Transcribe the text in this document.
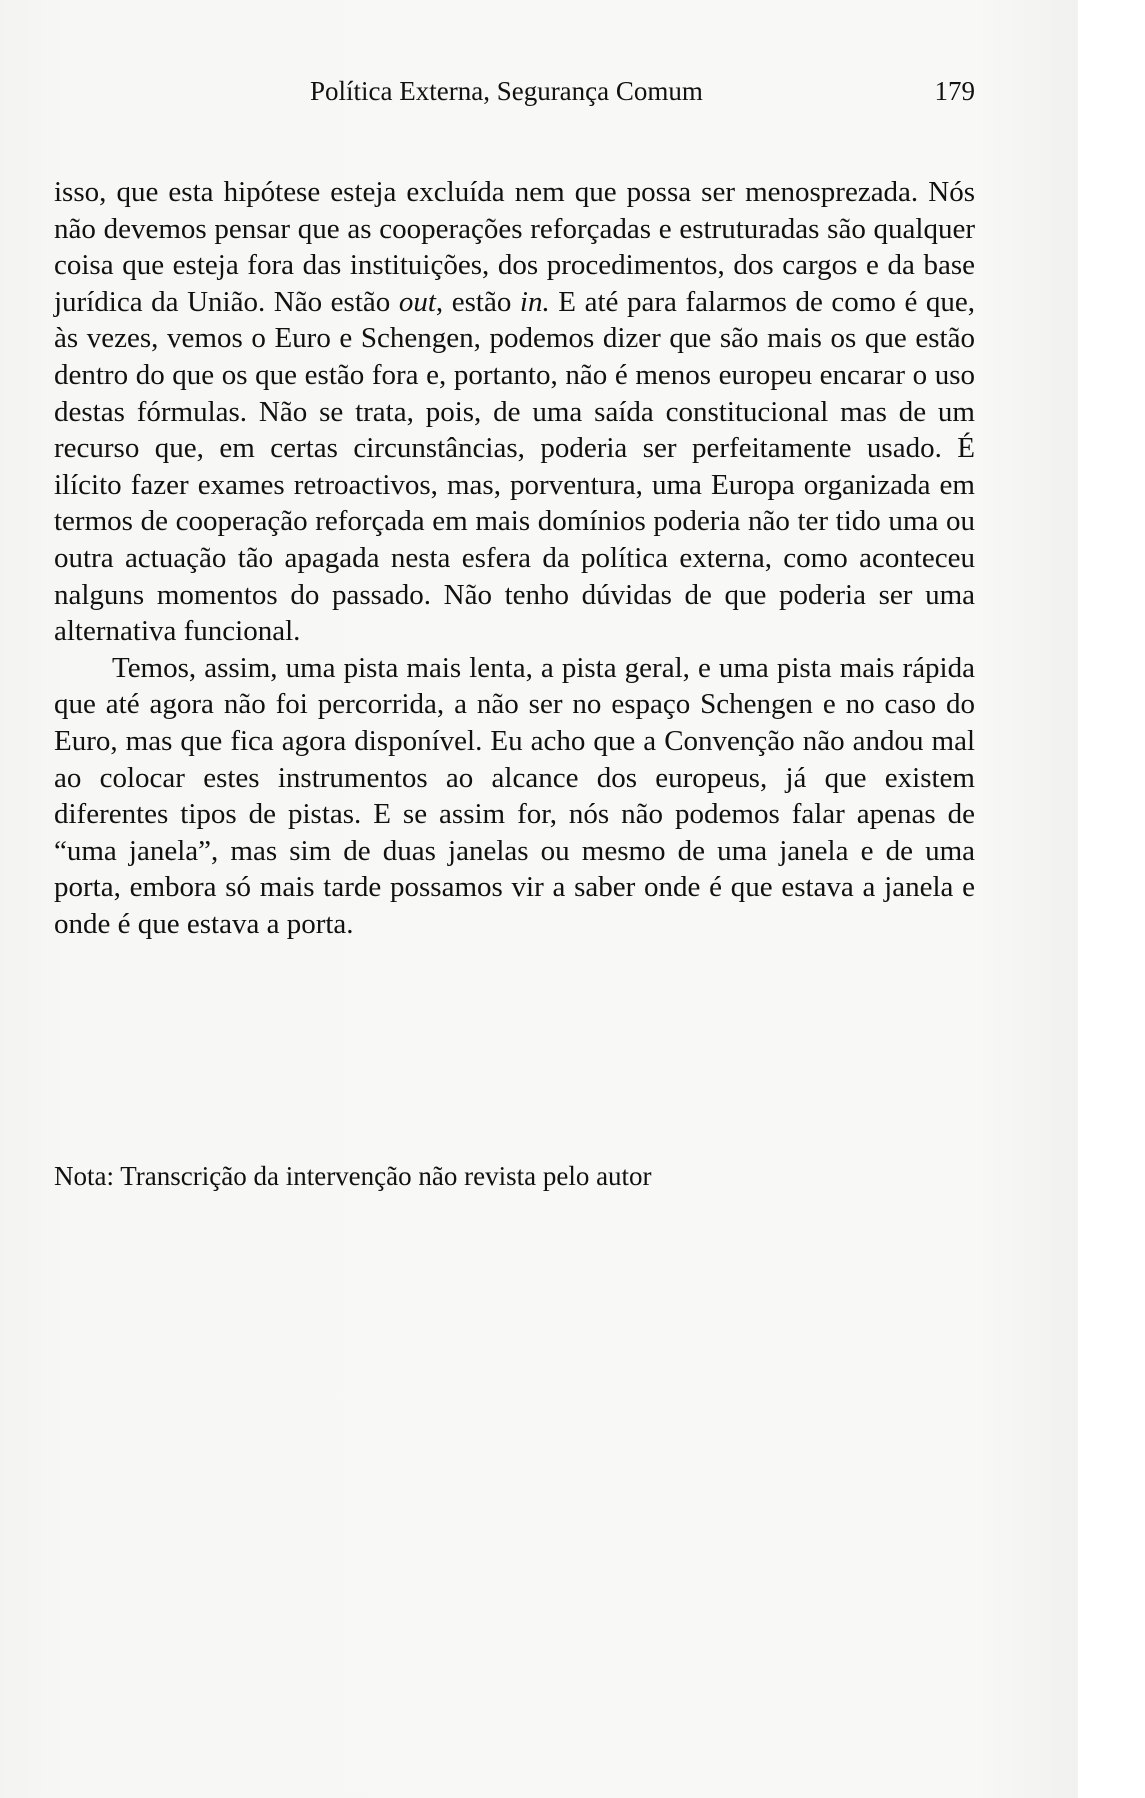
Política Externa, Segurança Comum	179

isso, que esta hipótese esteja excluída nem que possa ser menosprezada. Nós não devemos pensar que as cooperações reforçadas e estruturadas são qualquer coisa que esteja fora das instituições, dos procedimentos, dos cargos e da base jurídica da União. Não estão out, estão in. E até para falarmos de como é que, às vezes, vemos o Euro e Schengen, podemos dizer que são mais os que estão dentro do que os que estão fora e, portanto, não é menos europeu encarar o uso destas fórmulas. Não se trata, pois, de uma saída constitucional mas de um recurso que, em certas circunstâncias, poderia ser perfeitamente usado. É ilícito fazer exames retroactivos, mas, porventura, uma Europa organizada em termos de cooperação reforçada em mais domínios poderia não ter tido uma ou outra actuação tão apagada nesta esfera da política externa, como aconteceu nalguns momentos do passado. Não tenho dúvidas de que poderia ser uma alternativa funcional.

Temos, assim, uma pista mais lenta, a pista geral, e uma pista mais rápida que até agora não foi percorrida, a não ser no espaço Schengen e no caso do Euro, mas que fica agora disponível. Eu acho que a Convenção não andou mal ao colocar estes instrumentos ao alcance dos europeus, já que existem diferentes tipos de pistas. E se assim for, nós não podemos falar apenas de “uma janela”, mas sim de duas janelas ou mesmo de uma janela e de uma porta, embora só mais tarde possamos vir a saber onde é que estava a janela e onde é que estava a porta.

Nota: Transcrição da intervenção não revista pelo autor
